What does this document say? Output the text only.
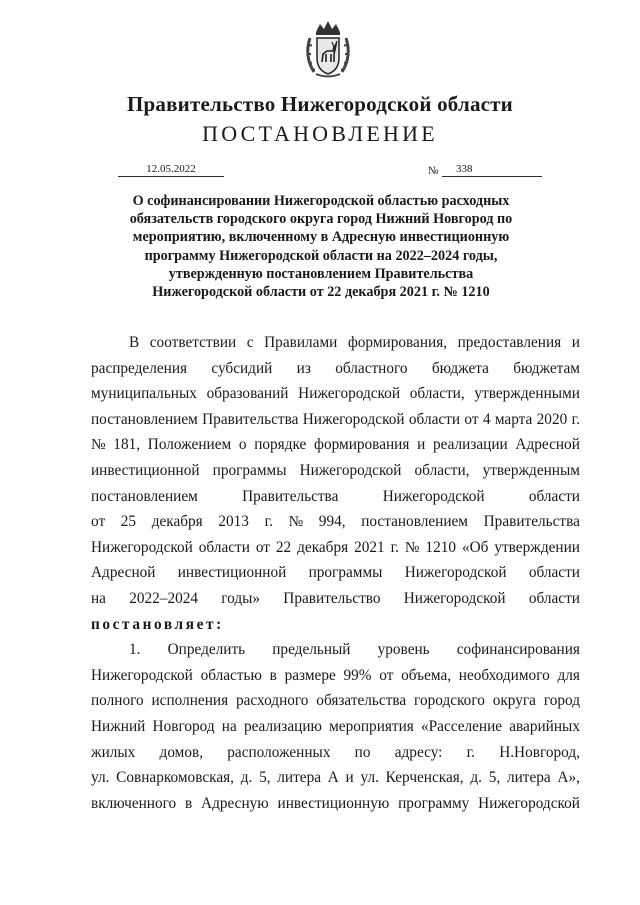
Правительство Нижегородской области
ПОСТАНОВЛЕНИЕ
12.05.2022	№	338
О софинансировании Нижегородской областью расходных
обязательств городского округа город Нижний Новгород по
мероприятию, включенному в Адресную инвестиционную
программу Нижегородской области на 2022–2024 годы,
утвержденную постановлением Правительства
Нижегородской области от 22 декабря 2021 г. № 1210
В соответствии с Правилами формирования, предоставления и
распределения субсидий из областного бюджета бюджетам
муниципальных образований Нижегородской области, утвержденными
постановлением Правительства Нижегородской области от 4 марта 2020 г.
№ 181, Положением о порядке формирования и реализации Адресной
инвестиционной программы Нижегородской области, утвержденным
постановлением	Правительства	Нижегородской	области
от 25 декабря 2013 г. № 994, постановлением Правительства
Нижегородской области от 22 декабря 2021 г. № 1210 «Об утверждении
Адресной инвестиционной программы Нижегородской области
на 2022–2024 годы» Правительство Нижегородской области
постановляет:
1. Определить предельный уровень софинансирования
Нижегородской областью в размере 99% от объема, необходимого для
полного исполнения расходного обязательства городского округа город
Нижний Новгород на реализацию мероприятия «Расселение аварийных
жилых домов, расположенных по адресу: г. Н.Новгород,
ул. Совнаркомовская, д. 5, литера А и ул. Керченская, д. 5, литера А»,
включенного в Адресную инвестиционную программу Нижегородской
